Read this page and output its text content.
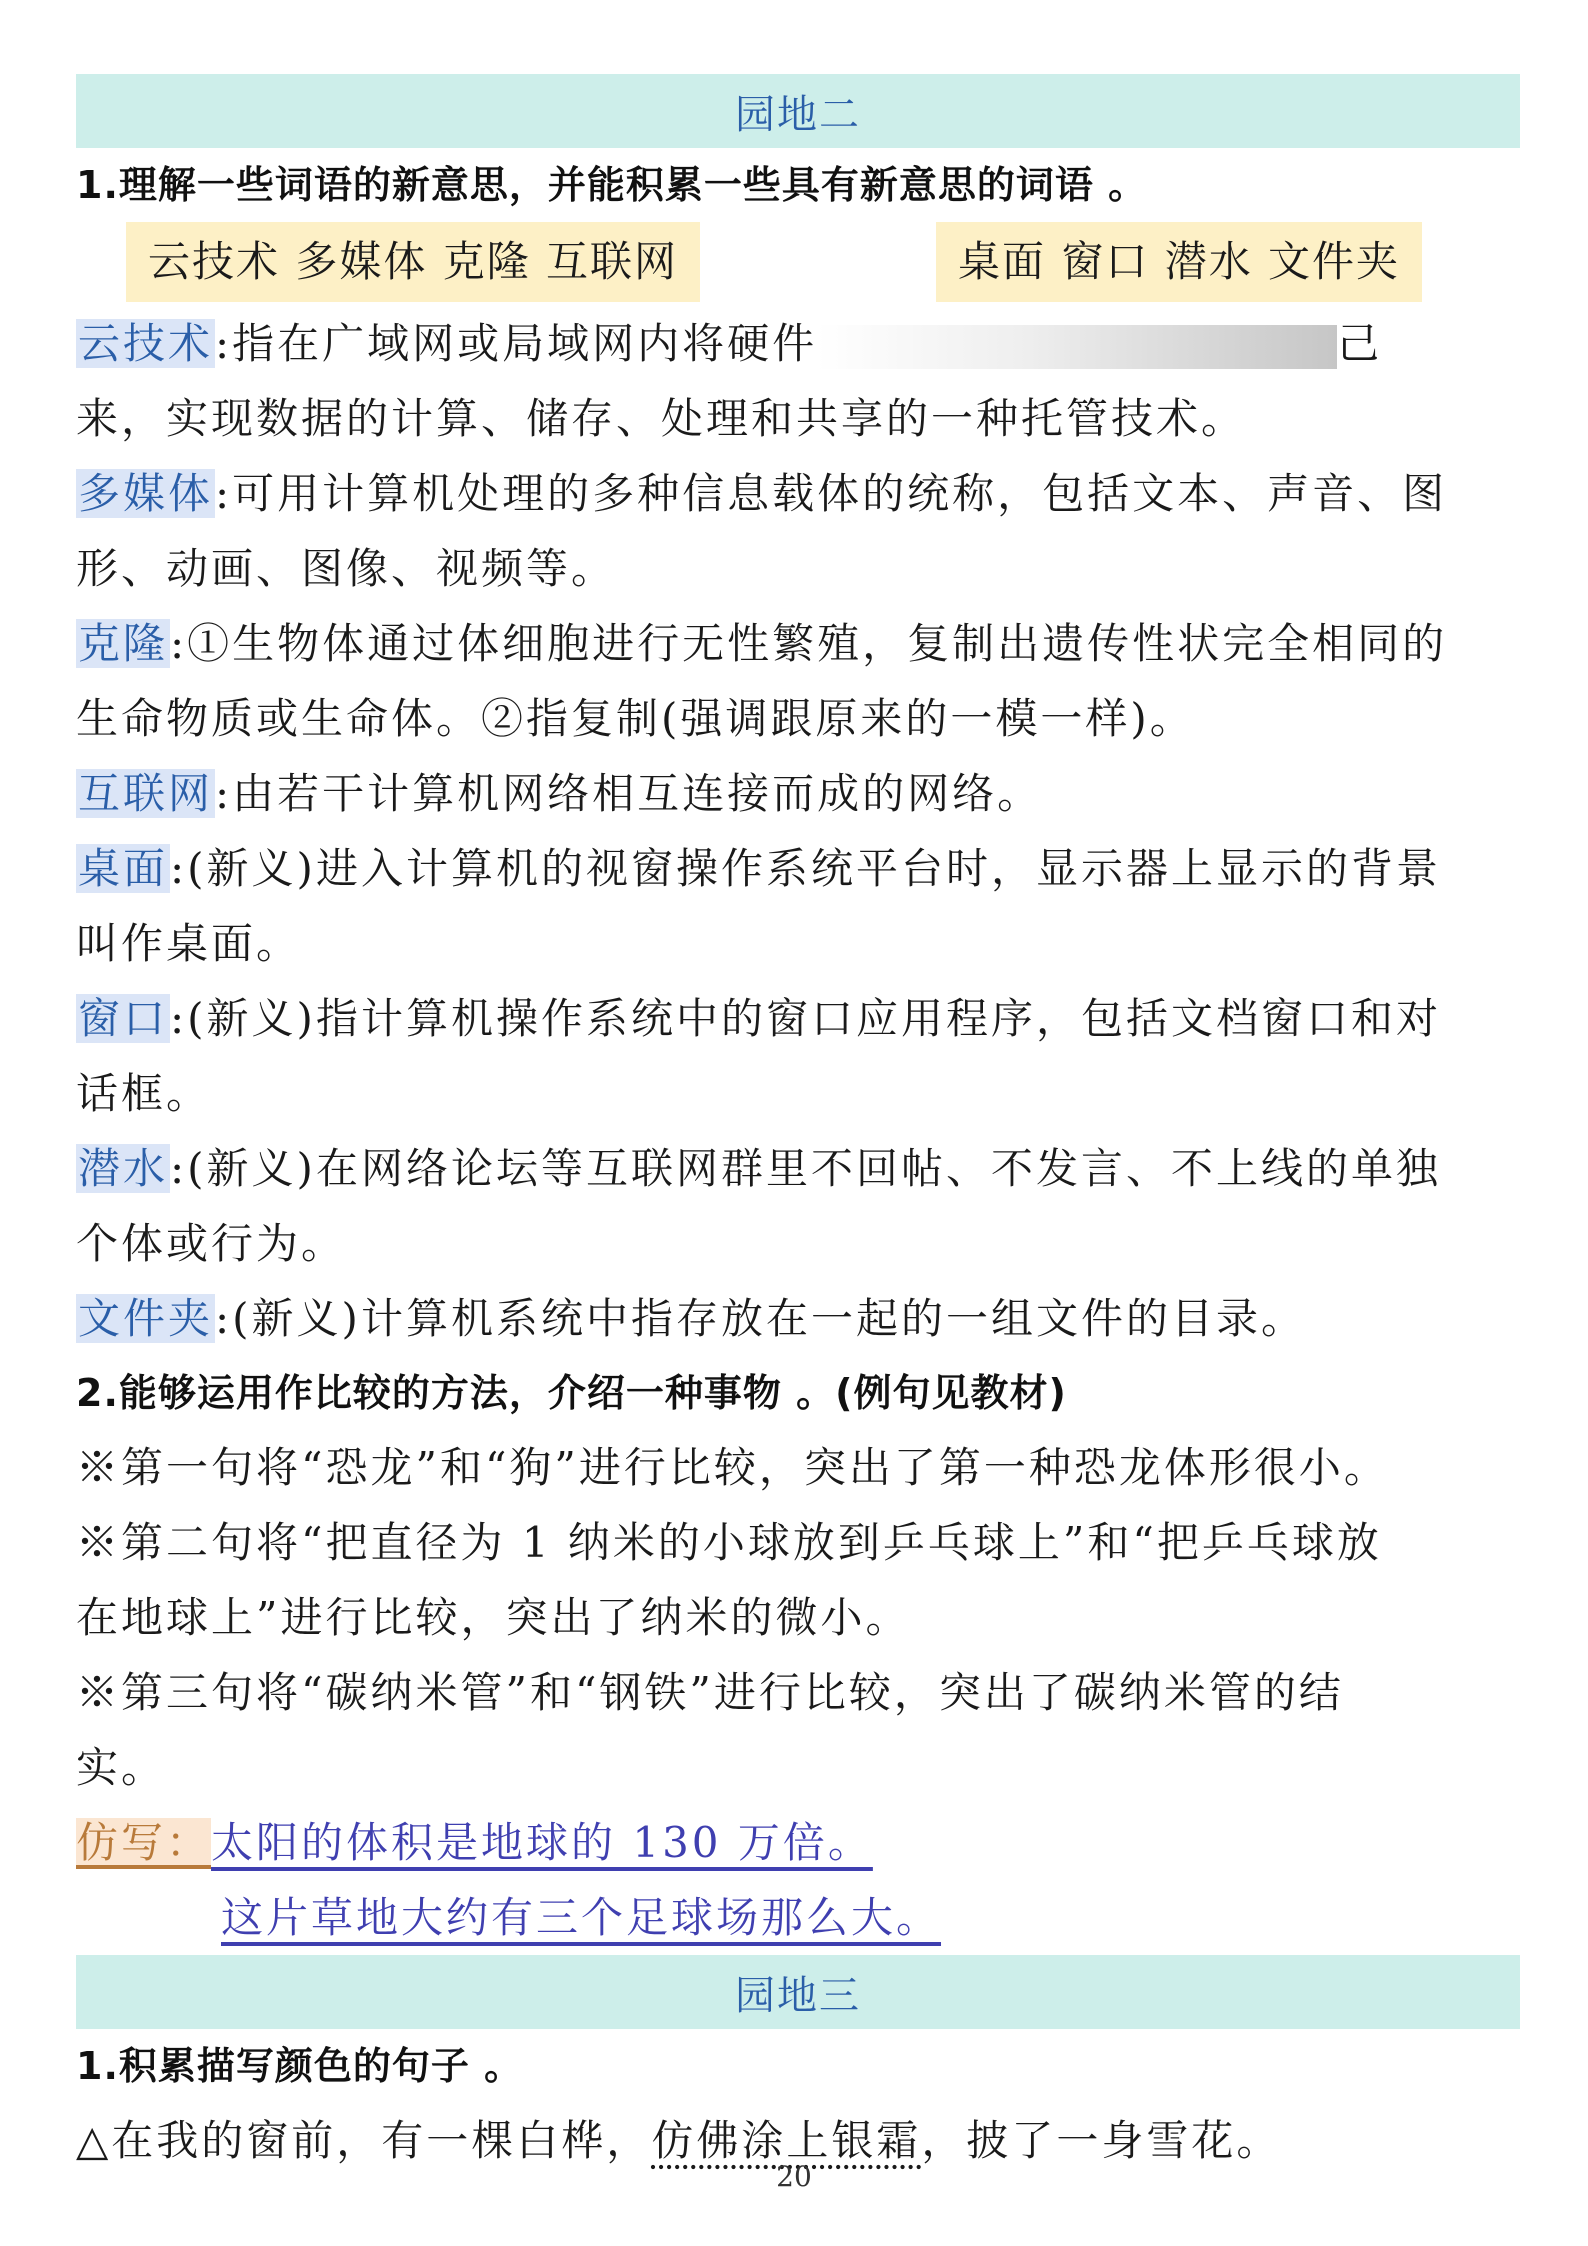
园地二
1.理解一些词语的新意思，并能积累一些具有新意思的词语 。
云技术 多媒体 克隆 互联网	桌面 窗口 潜水 文件夹
云技术:指在广域网或局域网内将硬件	己
来，实现数据的计算、储存、处理和共享的一种托管技术。
多媒体:可用计算机处理的多种信息载体的统称，包括文本、声音、图
形、动画、图像、视频等。
克隆:①生物体通过体细胞进行无性繁殖，复制出遗传性状完全相同的
生命物质或生命体。②指复制(强调跟原来的一模一样)。
互联网:由若干计算机网络相互连接而成的网络。
桌面:(新义)进入计算机的视窗操作系统平台时，显示器上显示的背景
叫作桌面。
窗口:(新义)指计算机操作系统中的窗口应用程序，包括文档窗口和对
话框。
潜水:(新义)在网络论坛等互联网群里不回帖、不发言、不上线的单独
个体或行为。
文件夹:(新义)计算机系统中指存放在一起的一组文件的目录。
2.能够运用作比较的方法，介绍一种事物 。(例句见教材)
※第一句将“恐龙”和“狗”进行比较，突出了第一种恐龙体形很小。
※第二句将“把直径为 1 纳米的小球放到乒乓球上”和“把乒乓球放
在地球上”进行比较，突出了纳米的微小。
※第三句将“碳纳米管”和“钢铁”进行比较，突出了碳纳米管的结
实。
仿写：太阳的体积是地球的 130 万倍。
这片草地大约有三个足球场那么大。
园地三
1.积累描写颜色的句子 。
△在我的窗前，有一棵白桦，仿佛涂上银霜，披了一身雪花。
20
